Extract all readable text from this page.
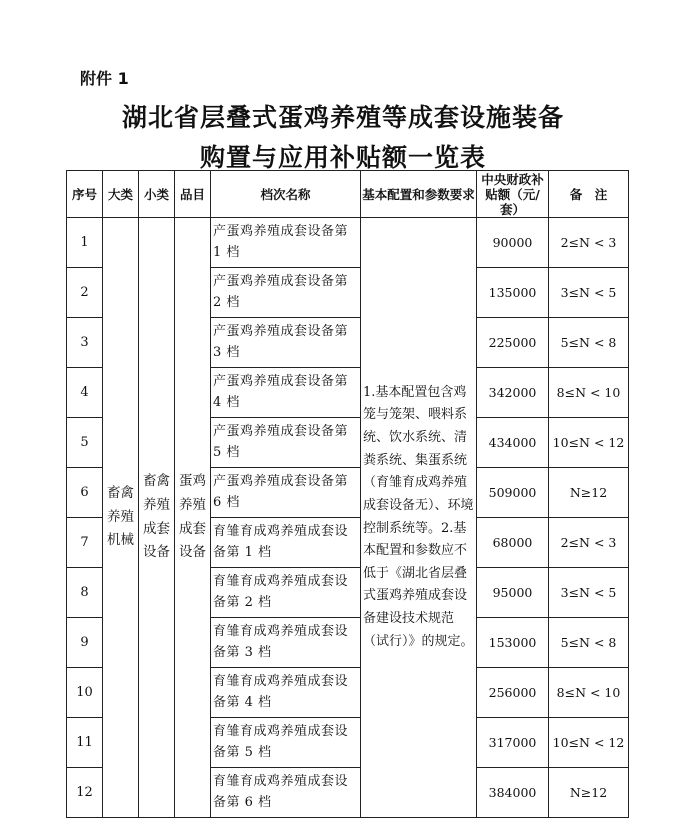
附件 1
湖北省层叠式蛋鸡养殖等成套设施装备
购置与应用补贴额一览表
序号	大类	小类	品目	档次名称	基本配置和参数要求	中央财政补贴额（元/套）	备　注
1	畜禽养殖机械	畜禽养殖成套设备	蛋鸡养殖成套设备	产蛋鸡养殖成套设备第 1 档	1.基本配置包含鸡笼与笼架、喂料系统、饮水系统、清粪系统、集蛋系统（育雏育成鸡养殖成套设备无）、环境控制系统等。2.基本配置和参数应不低于《湖北省层叠式蛋鸡养殖成套设备建设技术规范（试行）》的规定。	90000	2≤N < 3
2				产蛋鸡养殖成套设备第 2 档		135000	3≤N < 5
3				产蛋鸡养殖成套设备第 3 档		225000	5≤N < 8
4				产蛋鸡养殖成套设备第 4 档		342000	8≤N < 10
5				产蛋鸡养殖成套设备第 5 档		434000	10≤N < 12
6				产蛋鸡养殖成套设备第 6 档		509000	N≥12
7				育雏育成鸡养殖成套设备第 1 档		68000	2≤N < 3
8				育雏育成鸡养殖成套设备第 2 档		95000	3≤N < 5
9				育雏育成鸡养殖成套设备第 3 档		153000	5≤N < 8
10				育雏育成鸡养殖成套设备第 4 档		256000	8≤N < 10
11				育雏育成鸡养殖成套设备第 5 档		317000	10≤N < 12
12				育雏育成鸡养殖成套设备第 6 档		384000	N≥12
